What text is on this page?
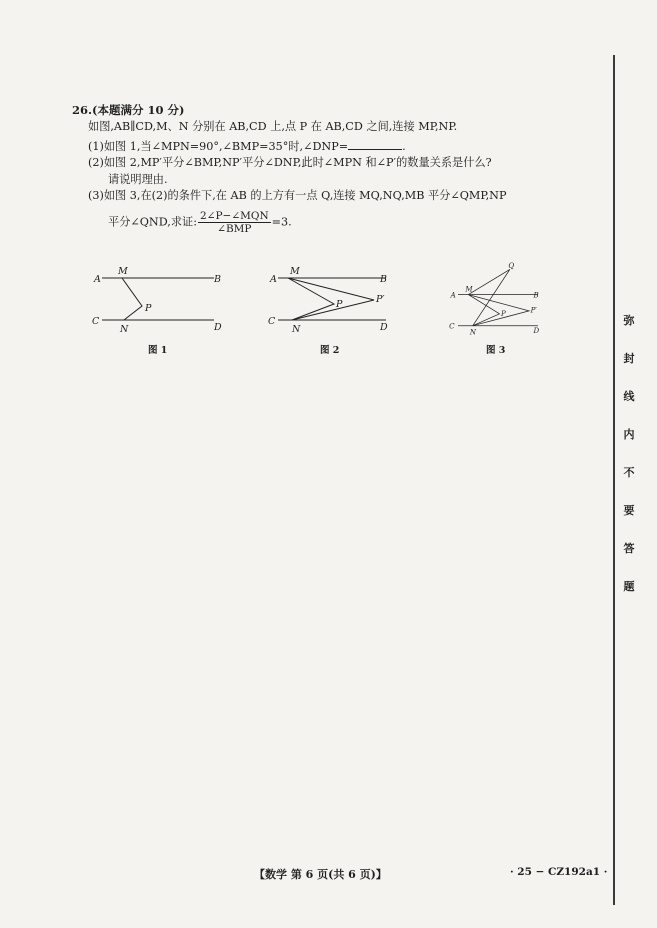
26.(本题满分 10 分)
如图,AB∥CD,M、N 分别在 AB,CD 上,点 P 在 AB,CD 之间,连接 MP,NP.
(1)如图 1,当∠MPN=90°,∠BMP=35°时,∠DNP=	.
(2)如图 2,MP′平分∠BMP,NP′平分∠DNP,此时∠MPN 和∠P′的数量关系是什么?
请说明理由.
(3)如图 3,在(2)的条件下,在 AB 的上方有一点 Q,连接 MQ,NQ,MB 平分∠QMP,NP
平分∠QND,求证: $\frac{\text{2∠P−∠MQN}}{\text{∠BMP}} =3$.
A
M
B
C
N	D
P
图 1
A
M
B
C
N	D
P	P′
图 2
A
M
B
C
N	D
P	P′
Q
图 3
弥
封
线
内
不
要
答
题
【数学 第 6 页(共 6 页)】	· 25 − CZ192a1 ·
